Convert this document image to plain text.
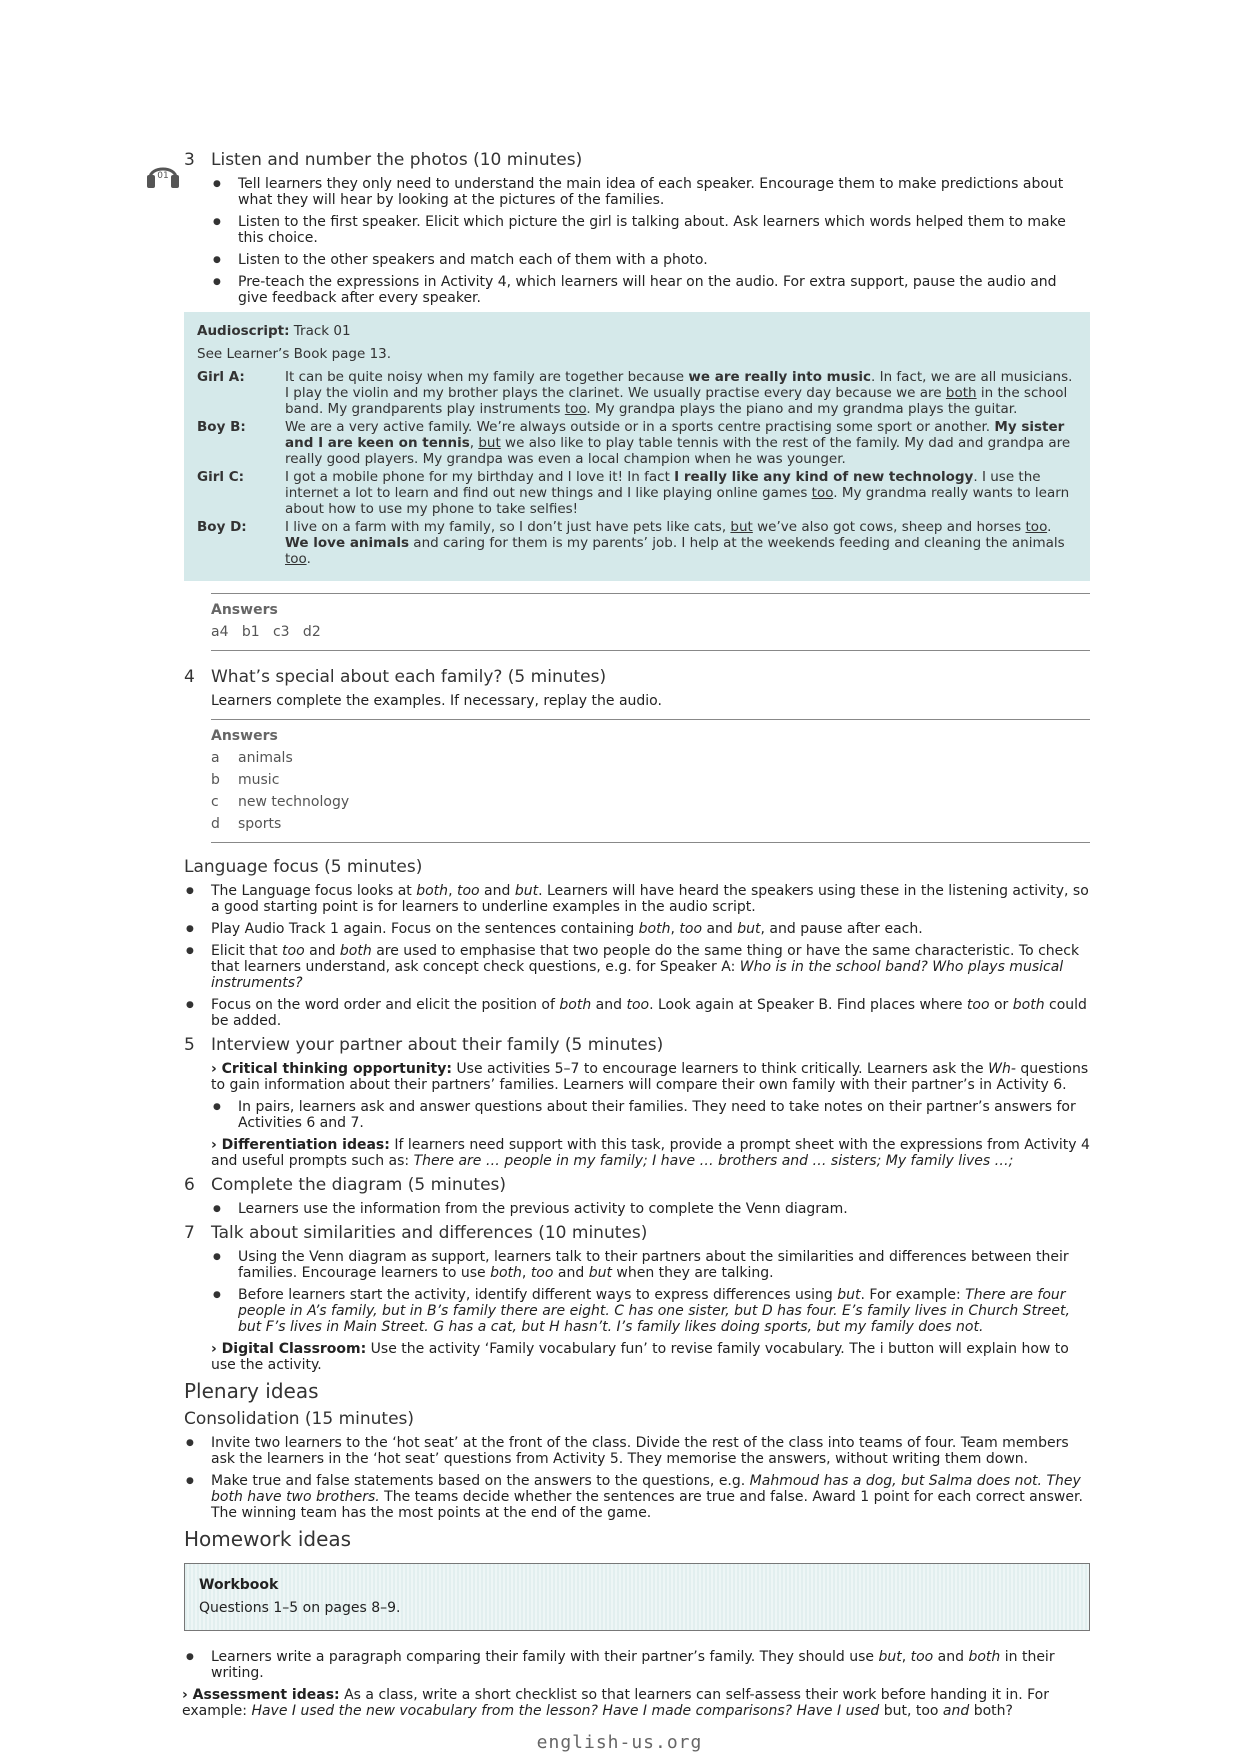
01
3 Listen and number the photos (10 minutes)
● Tell learners they only need to understand the main idea of each speaker. Encourage them to make predictions about what they will hear by looking at the pictures of the families.
● Listen to the first speaker. Elicit which picture the girl is talking about. Ask learners which words helped them to make this choice.
● Listen to the other speakers and match each of them with a photo.
● Pre-teach the expressions in Activity 4, which learners will hear on the audio. For extra support, pause the audio and give feedback after every speaker.

Audioscript: Track 01

See Learner’s Book page 13.

Girl A:	It can be quite noisy when my family are together because we are really into music. In fact, we are all musicians. I play the violin and my brother plays the clarinet. We usually practise every day because we are both in the school band. My grandparents play instruments too. My grandpa plays the piano and my grandma plays the guitar.
Boy B:	We are a very active family. We’re always outside or in a sports centre practising some sport or another. My sister and I are keen on tennis, but we also like to play table tennis with the rest of the family. My dad and grandpa are really good players. My grandpa was even a local champion when he was younger.
Girl C:	I got a mobile phone for my birthday and I love it! In fact I really like any kind of new technology. I use the internet a lot to learn and find out new things and I like playing online games too. My grandma really wants to learn about how to use my phone to take selfies!
Boy D:	I live on a farm with my family, so I don’t just have pets like cats, but we’ve also got cows, sheep and horses too. We love animals and caring for them is my parents’ job. I help at the weekends feeding and cleaning the animals too.
Answers
a4   b1   c3   d2
4 What’s special about each family? (5 minutes)
Learners complete the examples. If necessary, replay the audio.
Answers
a	animals
b	music
c	new technology
d	sports
Language focus (5 minutes)
● The Language focus looks at both, too and but. Learners will have heard the speakers using these in the listening activity, so a good starting point is for learners to underline examples in the audio script.
● Play Audio Track 1 again. Focus on the sentences containing both, too and but, and pause after each.
● Elicit that too and both are used to emphasise that two people do the same thing or have the same characteristic. To check that learners understand, ask concept check questions, e.g. for Speaker A: Who is in the school band? Who plays musical instruments?
● Focus on the word order and elicit the position of both and too. Look again at Speaker B. Find places where too or both could be added.
5 Interview your partner about their family (5 minutes)
› Critical thinking opportunity: Use activities 5–7 to encourage learners to think critically. Learners ask the Wh- questions to gain information about their partners’ families. Learners will compare their own family with their partner’s in Activity 6.
● In pairs, learners ask and answer questions about their families. They need to take notes on their partner’s answers for Activities 6 and 7.
› Differentiation ideas: If learners need support with this task, provide a prompt sheet with the expressions from Activity 4 and useful prompts such as: There are … people in my family; I have … brothers and … sisters; My family lives …;
6 Complete the diagram (5 minutes)
● Learners use the information from the previous activity to complete the Venn diagram.
7 Talk about similarities and differences (10 minutes)
● Using the Venn diagram as support, learners talk to their partners about the similarities and differences between their families. Encourage learners to use both, too and but when they are talking.
● Before learners start the activity, identify different ways to express differences using but. For example: There are four people in A’s family, but in B’s family there are eight. C has one sister, but D has four. E’s family lives in Church Street, but F’s lives in Main Street. G has a cat, but H hasn’t. I’s family likes doing sports, but my family does not.
› Digital Classroom: Use the activity ‘Family vocabulary fun’ to revise family vocabulary. The i button will explain how to use the activity.
Plenary ideas
Consolidation (15 minutes)
● Invite two learners to the ‘hot seat’ at the front of the class. Divide the rest of the class into teams of four. Team members ask the learners in the ‘hot seat’ questions from Activity 5. They memorise the answers, without writing them down.
● Make true and false statements based on the answers to the questions, e.g. Mahmoud has a dog, but Salma does not. They both have two brothers. The teams decide whether the sentences are true and false. Award 1 point for each correct answer. The winning team has the most points at the end of the game.
Homework ideas
Workbook
Questions 1–5 on pages 8–9.
● Learners write a paragraph comparing their family with their partner’s family. They should use but, too and both in their writing.
› Assessment ideas: As a class, write a short checklist so that learners can self-assess their work before handing it in. For example: Have I used the new vocabulary from the lesson? Have I made comparisons? Have I used but, too and both?
english-us.org
